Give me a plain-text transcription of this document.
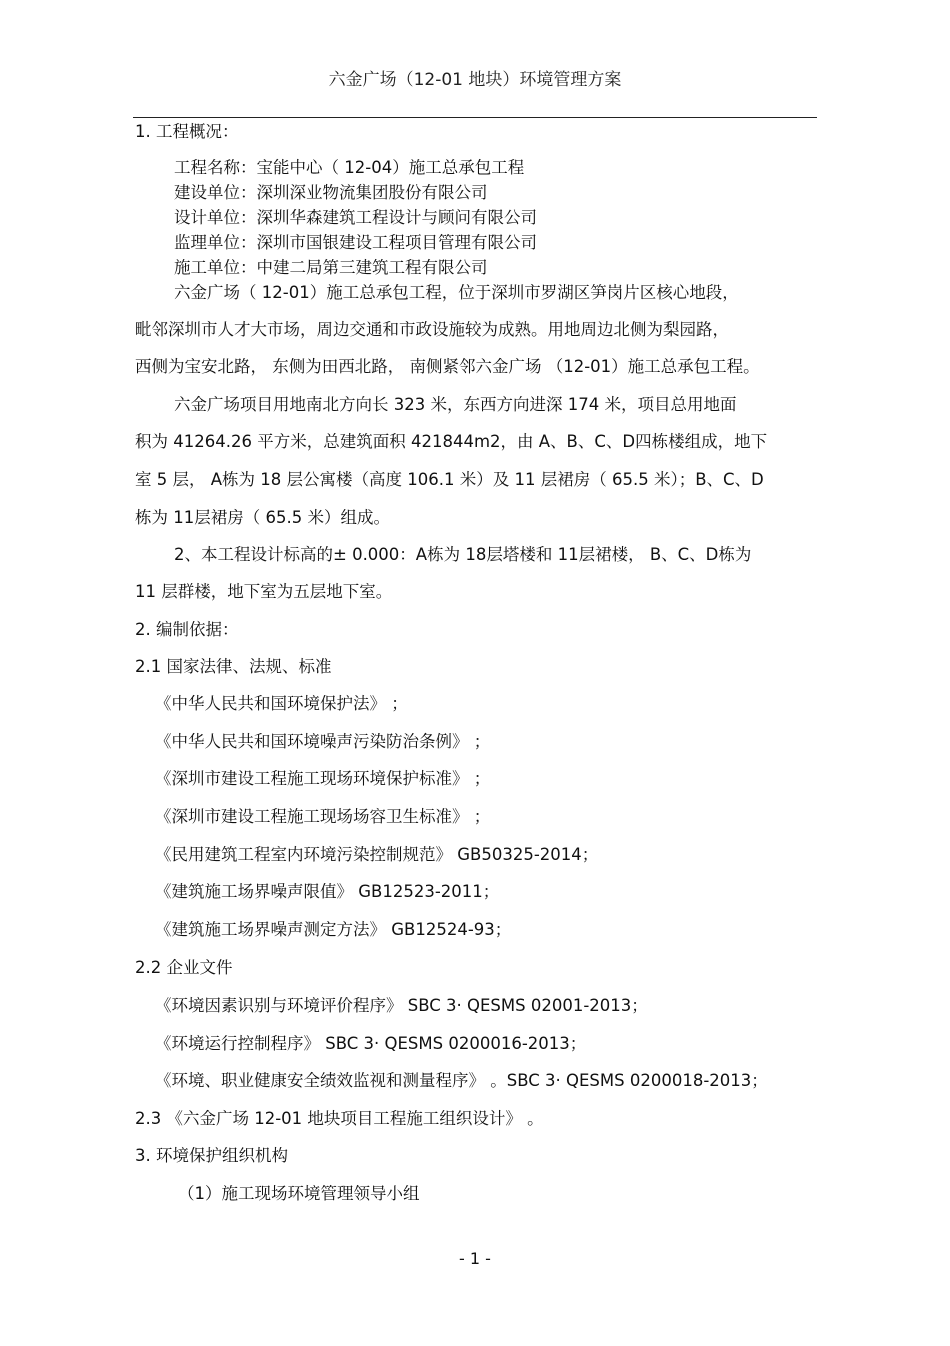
六金广场（12-01 地块）环境管理方案
1. 工程概况：
工程名称：宝能中心（ 12-04）施工总承包工程
建设单位：深圳深业物流集团股份有限公司
设计单位：深圳华森建筑工程设计与顾问有限公司
监理单位：深圳市国银建设工程项目管理有限公司
施工单位：中建二局第三建筑工程有限公司
六金广场（ 12-01）施工总承包工程，位于深圳市罗湖区笋岗片区核心地段，
毗邻深圳市人才大市场，周边交通和市政设施较为成熟。用地周边北侧为梨园路，
西侧为宝安北路， 东侧为田西北路， 南侧紧邻六金广场 （12-01）施工总承包工程。
六金广场项目用地南北方向长 323 米，东西方向进深 174 米，项目总用地面
积为 41264.26 平方米，总建筑面积 421844m2，由 A、B、C、D四栋楼组成，地下
室 5 层， A栋为 18 层公寓楼（高度 106.1 米）及 11 层裙房（ 65.5 米）；B、C、D
栋为 11层裙房（ 65.5 米）组成。
2、本工程设计标高的± 0.000：A栋为 18层塔楼和 11层裙楼， B、C、D栋为
11 层群楼，地下室为五层地下室。
2. 编制依据：
2.1 国家法律、法规、标准
《中华人民共和国环境保护法》 ；
《中华人民共和国环境噪声污染防治条例》 ；
《深圳市建设工程施工现场环境保护标准》 ；
《深圳市建设工程施工现场场容卫生标准》 ；
《民用建筑工程室内环境污染控制规范》 GB50325-2014；
《建筑施工场界噪声限值》 GB12523-2011；
《建筑施工场界噪声测定方法》 GB12524-93；
2.2 企业文件
《环境因素识别与环境评价程序》 SBC 3· QESMS 02001-2013；
《环境运行控制程序》 SBC 3· QESMS 0200016-2013；
《环境、职业健康安全绩效监视和测量程序》 。SBC 3· QESMS 0200018-2013；
2.3 《六金广场 12-01 地块项目工程施工组织设计》 。
3. 环境保护组织机构
（1）施工现场环境管理领导小组
- 1 -
